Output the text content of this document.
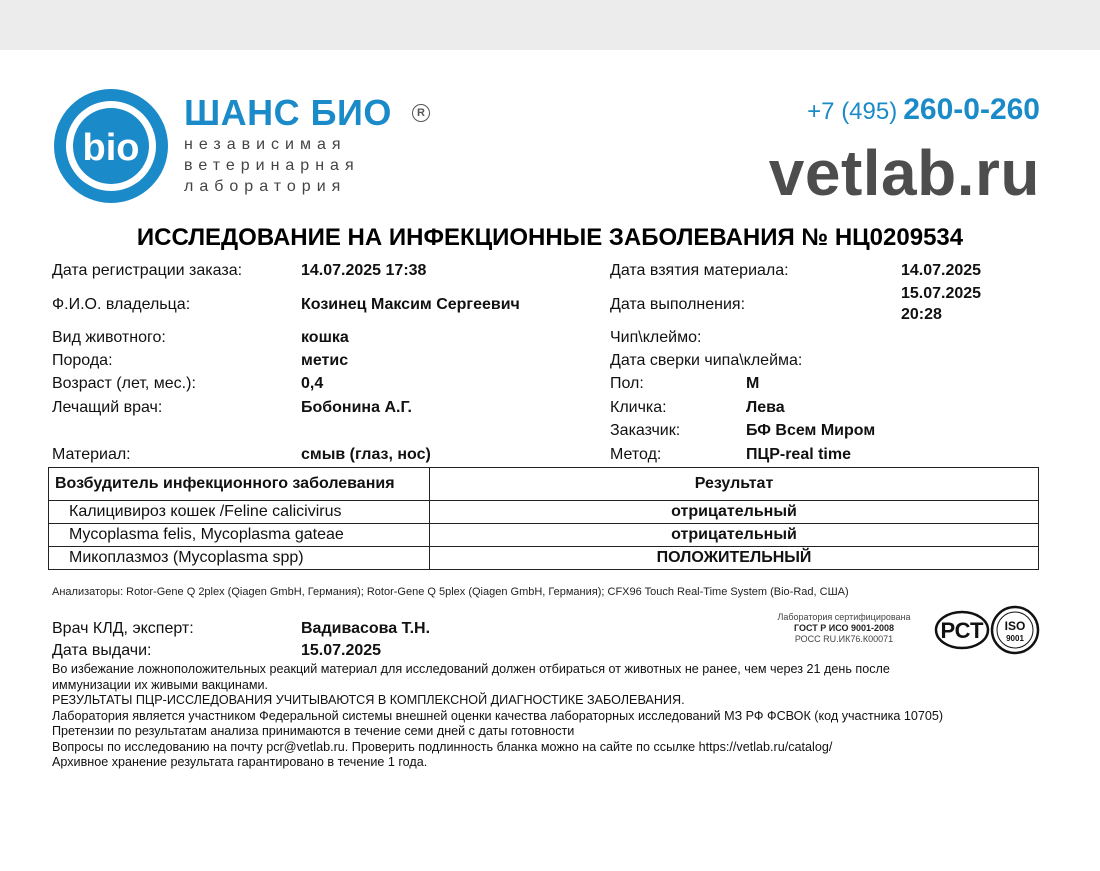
bio
ШАНС БИО	R
независимая
ветеринарная
лаборатория
+7 (495) 260-0-260
vetlab.ru
ИССЛЕДОВАНИЕ НА ИНФЕКЦИОННЫЕ ЗАБОЛЕВАНИЯ № НЦ0209534
Дата регистрации заказа:	14.07.2025 17:38
Ф.И.О. владельца:	Козинец Максим Сергеевич
Вид животного:	кошка
Порода:	метис
Возраст (лет, мес.):	0,4
Лечащий врач:	Бобонина А.Г.
Материал:	смыв (глаз, нос)
Дата взятия материала:	14.07.2025
Дата выполнения:
15.07.2025
20:28
Чип\клеймо:
Дата сверки чипа\клейма:
Пол:	М
Кличка:	Лева
Заказчик:	БФ Всем Миром
Метод:	ПЦР-real time
Возбудитель инфекционного заболевания	Результат
Калицивироз кошек /Feline calicivirus	отрицательный
Mycoplasma felis, Mycoplasma gateae	отрицательный
Микоплазмоз (Mycoplasma spp)	ПОЛОЖИТЕЛЬНЫЙ
Анализаторы: Rotor-Gene Q 2plex (Qiagen GmbH, Германия); Rotor-Gene Q 5plex (Qiagen GmbH, Германия); CFX96 Touch Real-Time System (Bio-Rad, США)
Врач КЛД, эксперт:	Вадивасова Т.Н.
Дата выдачи:	15.07.2025
Лаборатория сертифицирована
ГОСТ Р ИСО 9001-2008
РОСС RU.ИК76.К00071	РСТ ISO
9001

Во избежание ложноположительных реакций материал для исследований должен отбираться от животных не ранее, чем через 21 день после

иммунизации их живыми вакцинами.

РЕЗУЛЬТАТЫ ПЦР-ИССЛЕДОВАНИЯ УЧИТЫВАЮТСЯ В КОМПЛЕКСНОЙ ДИАГНОСТИКЕ ЗАБОЛЕВАНИЯ.

Лаборатория является участником Федеральной системы внешней оценки качества лабораторных исследований МЗ РФ ФСВОК (код участника 10705)

Претензии по результатам анализа принимаются в течение семи дней с даты готовности

Вопросы по исследованию на почту pcr@vetlab.ru. Проверить подлинность бланка можно на сайте по ссылке https://vetlab.ru/catalog/

Архивное хранение результата гарантировано в течение 1 года.
